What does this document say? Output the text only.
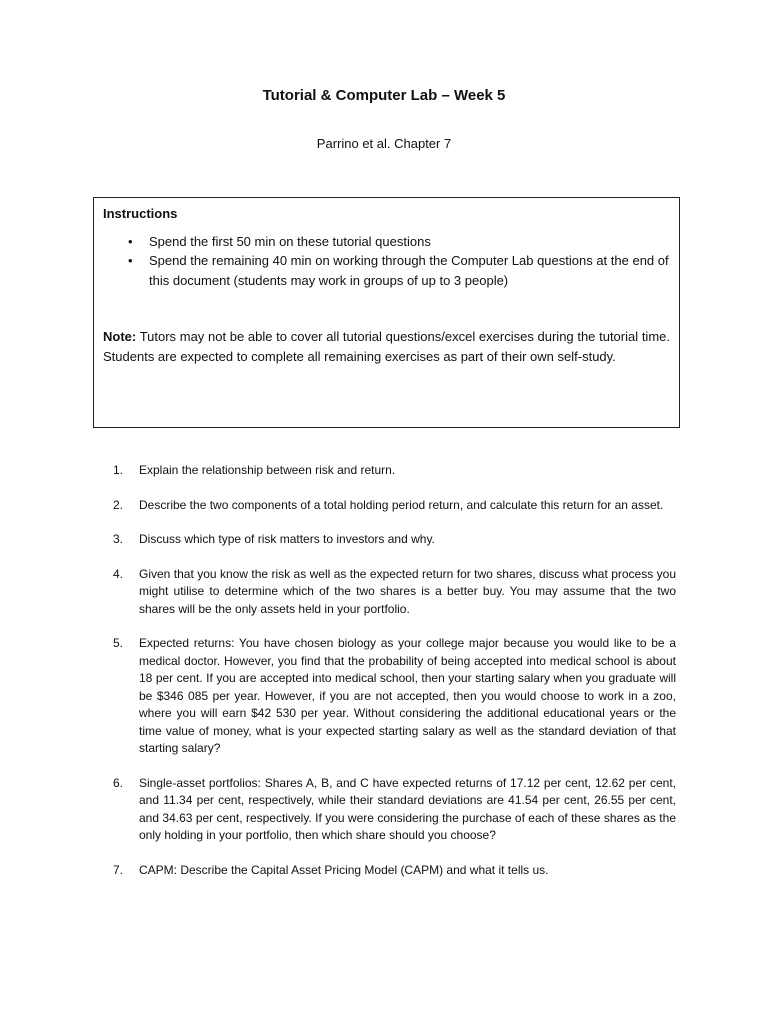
Tutorial & Computer Lab – Week 5
Parrino et al. Chapter 7

Instructions

• Spend the first 50 min on these tutorial questions
• Spend the remaining 40 min on working through the Computer Lab questions at the end of this document (students may work in groups of up to 3 people)

Note: Tutors may not be able to cover all tutorial questions/excel exercises during the tutorial time. Students are expected to complete all remaining exercises as part of their own self-study.

1. Explain the relationship between risk and return.
2. Describe the two components of a total holding period return, and calculate this return for an asset.
3. Discuss which type of risk matters to investors and why.
4. Given that you know the risk as well as the expected return for two shares, discuss what process you might utilise to determine which of the two shares is a better buy. You may assume that the two shares will be the only assets held in your portfolio.
5. Expected returns: You have chosen biology as your college major because you would like to be a medical doctor. However, you find that the probability of being accepted into medical school is about 18 per cent. If you are accepted into medical school, then your starting salary when you graduate will be $346 085 per year. However, if you are not accepted, then you would choose to work in a zoo, where you will earn $42 530 per year. Without considering the additional educational years or the time value of money, what is your expected starting salary as well as the standard deviation of that starting salary?
6. Single-asset portfolios: Shares A, B, and C have expected returns of 17.12 per cent, 12.62 per cent, and 11.34 per cent, respectively, while their standard deviations are 41.54 per cent, 26.55 per cent, and 34.63 per cent, respectively. If you were considering the purchase of each of these shares as the only holding in your portfolio, then which share should you choose?
7. CAPM: Describe the Capital Asset Pricing Model (CAPM) and what it tells us.
